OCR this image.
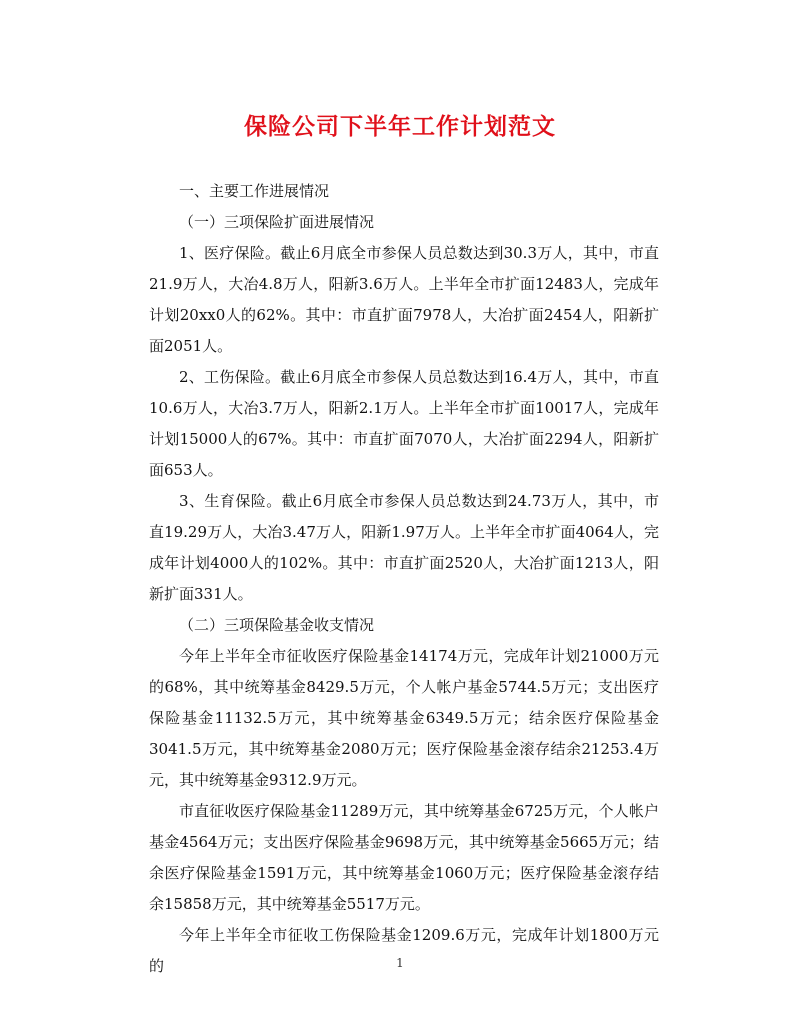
保险公司下半年工作计划范文

一、主要工作进展情况

（一）三项保险扩面进展情况

1、医疗保险。截止6月底全市参保人员总数达到30.3万人，其中，市直21.9万人，大冶4.8万人，阳新3.6万人。上半年全市扩面12483人，完成年计划20xx0人的62%。其中：市直扩面7978人，大冶扩面2454人，阳新扩面2051人。

2、工伤保险。截止6月底全市参保人员总数达到16.4万人，其中，市直10.6万人，大冶3.7万人，阳新2.1万人。上半年全市扩面10017人，完成年计划15000人的67%。其中：市直扩面7070人，大冶扩面2294人，阳新扩面653人。

3、生育保险。截止6月底全市参保人员总数达到24.73万人，其中，市直19.29万人，大冶3.47万人，阳新1.97万人。上半年全市扩面4064人，完成年计划4000人的102%。其中：市直扩面2520人，大冶扩面1213人，阳新扩面331人。

（二）三项保险基金收支情况

今年上半年全市征收医疗保险基金14174万元，完成年计划21000万元的68%，其中统筹基金8429.5万元，个人帐户基金5744.5万元；支出医疗保险基金11132.5万元，其中统筹基金6349.5万元；结余医疗保险基金3041.5万元，其中统筹基金2080万元；医疗保险基金滚存结余21253.4万元，其中统筹基金9312.9万元。

市直征收医疗保险基金11289万元，其中统筹基金6725万元，个人帐户基金4564万元；支出医疗保险基金9698万元，其中统筹基金5665万元；结余医疗保险基金1591万元，其中统筹基金1060万元；医疗保险基金滚存结余15858万元，其中统筹基金5517万元。

今年上半年全市征收工伤保险基金1209.6万元，完成年计划1800万元的	1
